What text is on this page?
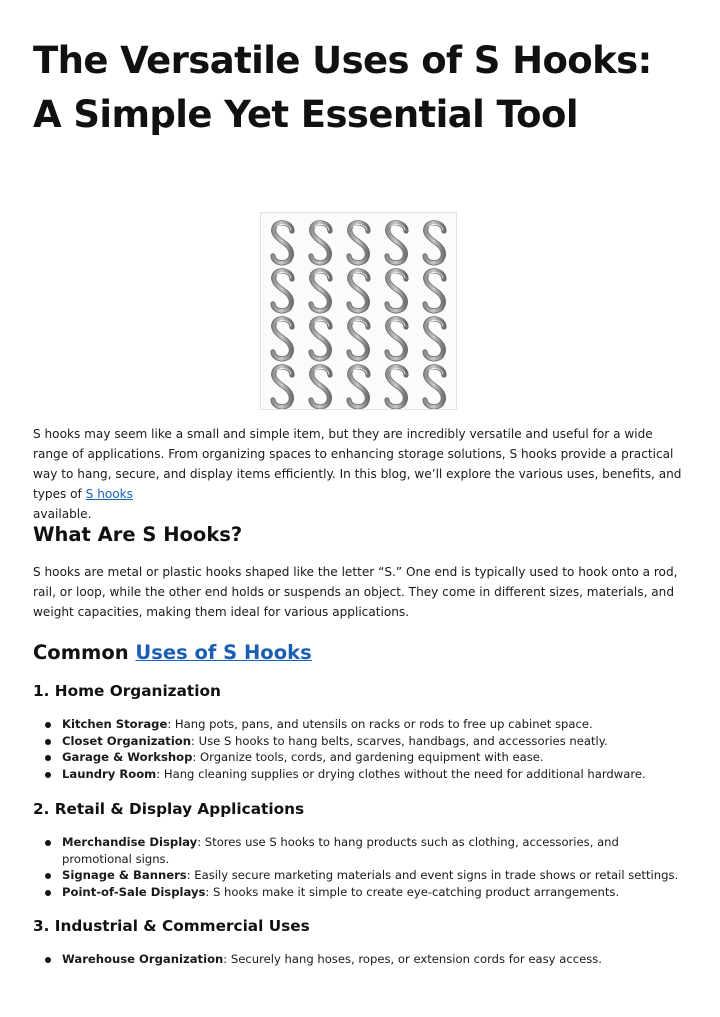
The Versatile Uses of S Hooks: A Simple Yet Essential Tool

S hooks may seem like a small and simple item, but they are incredibly versatile and useful for a wide range of applications. From organizing spaces to enhancing storage solutions, S hooks provide a practical way to hang, secure, and display items efficiently. In this blog, we’ll explore the various uses, benefits, and types of S hooks
available.

What Are S Hooks?

S hooks are metal or plastic hooks shaped like the letter “S.” One end is typically used to hook onto a rod, rail, or loop, while the other end holds or suspends an object. They come in different sizes, materials, and weight capacities, making them ideal for various applications.

Common Uses of S Hooks
1. Home Organization
Kitchen Storage: Hang pots, pans, and utensils on racks or rods to free up cabinet space.
Closet Organization: Use S hooks to hang belts, scarves, handbags, and accessories neatly.
Garage & Workshop: Organize tools, cords, and gardening equipment with ease.
Laundry Room: Hang cleaning supplies or drying clothes without the need for additional hardware.
2. Retail & Display Applications
Merchandise Display: Stores use S hooks to hang products such as clothing, accessories, and promotional signs.
Signage & Banners: Easily secure marketing materials and event signs in trade shows or retail settings.
Point-of-Sale Displays: S hooks make it simple to create eye-catching product arrangements.
3. Industrial & Commercial Uses
Warehouse Organization: Securely hang hoses, ropes, or extension cords for easy access.
